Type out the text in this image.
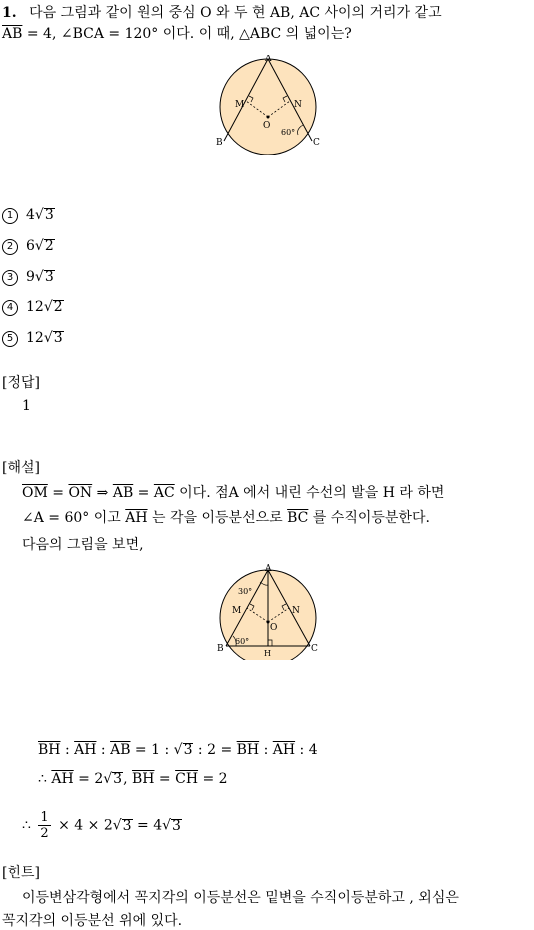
1. 다음 그림과 같이 원의 중심 O 와 두 현 AB, AC 사이의 거리가 같고
$\overline{AB} = 4$, ∠BCA = 120° 이다. 이 때, △ABC 의 넓이는?
A
B	C
M	N
O
60°
1 4√3
2 6√2
3 9√3
4 12√2
5 12√3
[정답]
1
[해설]
$\overline{OM} = \overline{ON}$ ⇒ $\overline{AB} = \overline{AC}$ 이다. 점A 에서 내린 수선의 발을 H 라 하면
∠A = 60° 이고 $\overline{AH}$ 는 각을 이등분선으로 $\overline{BC}$ 를 수직이등분한다.
다음의 그림을 보면,
A
B	C
M	N
O
H
30°
60°
$\overline{BH}$ : $\overline{AH}$ : $\overline{AB} = 1$ : √3 : $2 = \overline{BH}$ : $\overline{AH}$ : 4
∴ $\overline{AH} = 2√3$, $\overline{BH} = \overline{CH} = 2$
∴ $\frac{1}{2} \times 4 \times 2√3 = 4√3$
[힌트]
이등변삼각형에서 꼭지각의 이등분선은 밑변을 수직이등분하고 , 외심은
꼭지각의 이등분선 위에 있다.
